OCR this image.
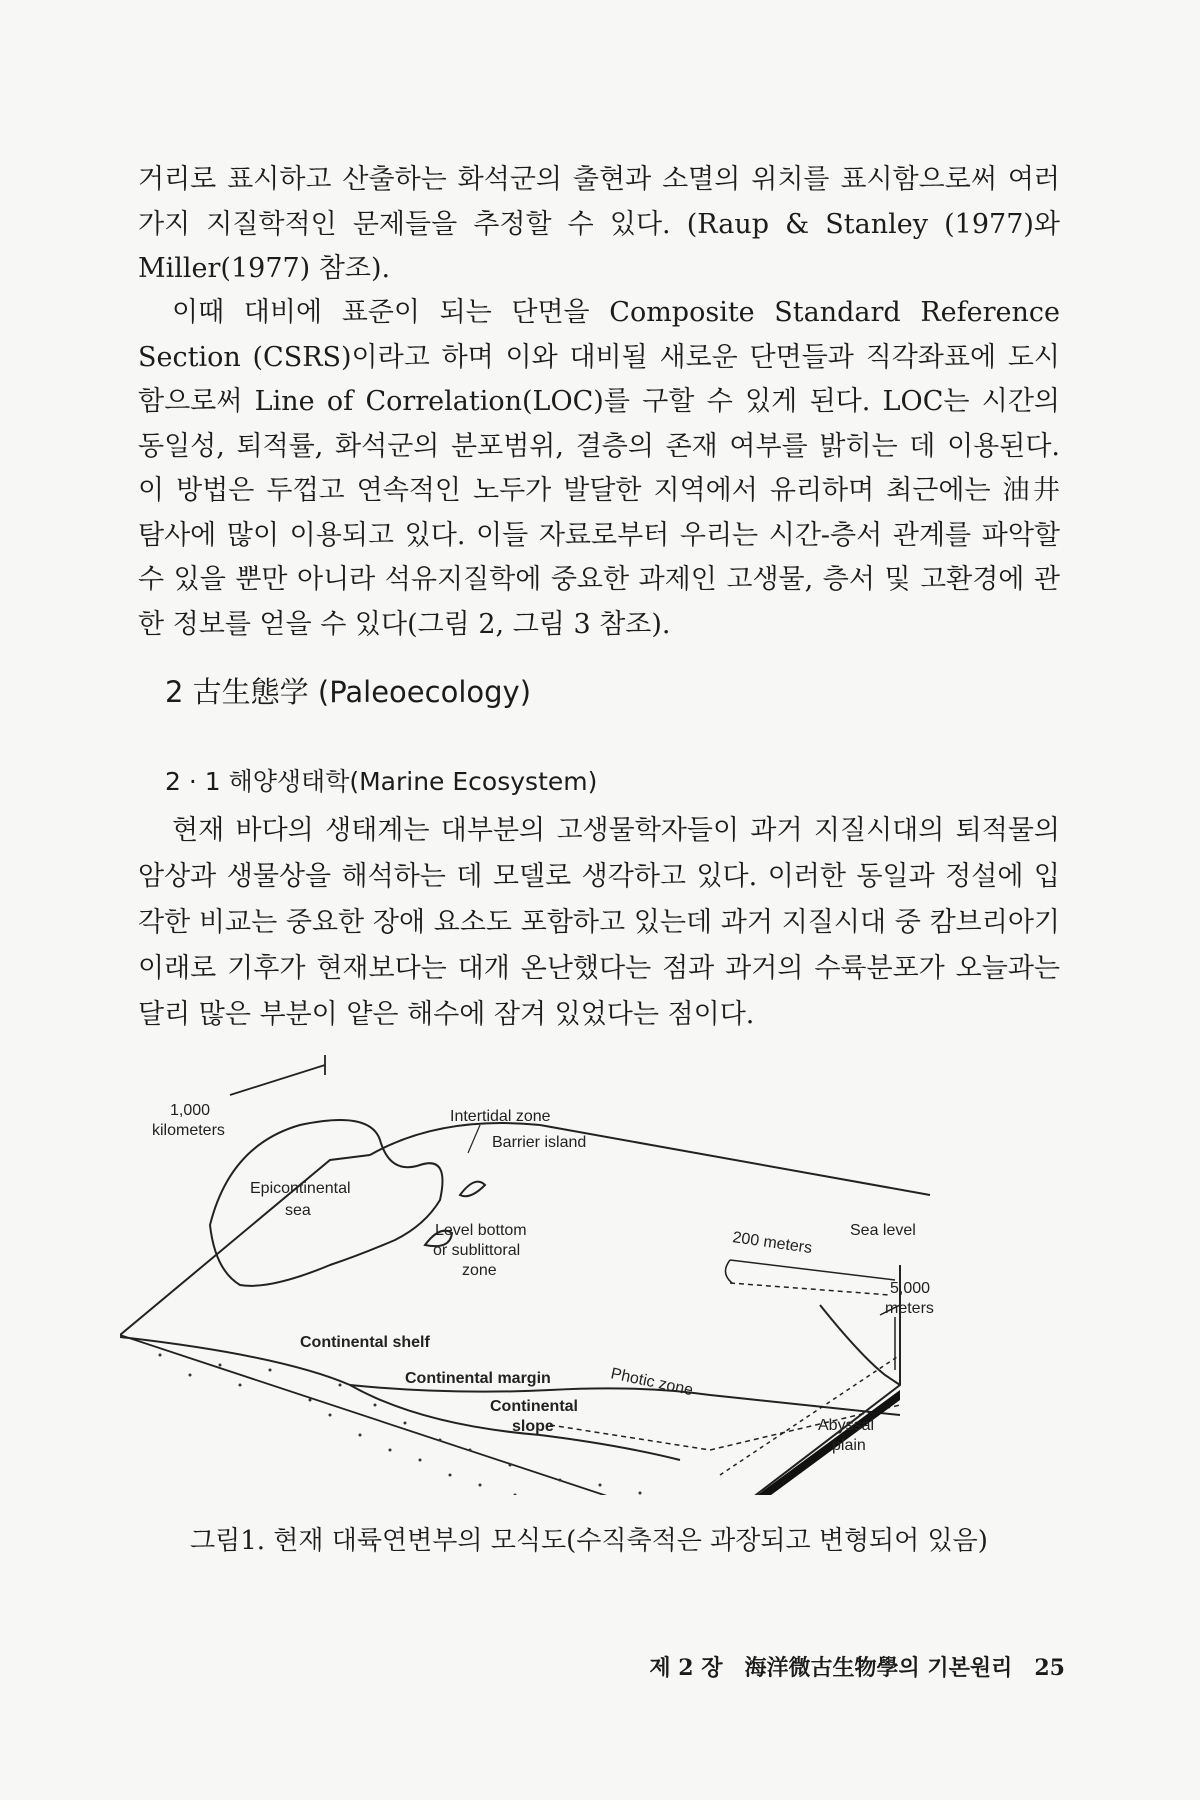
거리로 표시하고 산출하는 화석군의 출현과 소멸의 위치를 표시함으로써 여러 가지 지질학적인 문제들을 추정할 수 있다. (Raup & Stanley (1977)와 Miller(1977) 참조).

이때 대비에 표준이 되는 단면을 Composite Standard Reference Section (CSRS)이라고 하며 이와 대비될 새로운 단면들과 직각좌표에 도시함으로써 Line of Correlation(LOC)를 구할 수 있게 된다. LOC는 시간의 동일성, 퇴적률, 화석군의 분포범위, 결층의 존재 여부를 밝히는 데 이용된다. 이 방법은 두껍고 연속적인 노두가 발달한 지역에서 유리하며 최근에는 油井 탐사에 많이 이용되고 있다. 이들 자료로부터 우리는 시간-층서 관계를 파악할 수 있을 뿐만 아니라 석유지질학에 중요한 과제인 고생물, 층서 및 고환경에 관한 정보를 얻을 수 있다(그림 2, 그림 3 참조).

2 古生態学 (Paleoecology)
2 · 1 해양생태학(Marine Ecosystem)

현재 바다의 생태계는 대부분의 고생물학자들이 과거 지질시대의 퇴적물의 암상과 생물상을 해석하는 데 모델로 생각하고 있다. 이러한 동일과 정설에 입각한 비교는 중요한 장애 요소도 포함하고 있는데 과거 지질시대 중 캄브리아기 이래로 기후가 현재보다는 대개 온난했다는 점과 과거의 수륙분포가 오늘과는 달리 많은 부분이 얕은 해수에 잠겨 있었다는 점이다.

1,000
kilometers
Intertidal zone
Barrier island
Epicontinental
sea
Level bottom
or sublittoral
zone
200 meters Sea level
5,000
meters
Continental shelf
Continental margin
Continental
slope
Photic zone
Abyssal
plain

그림1. 현재 대륙연변부의 모식도(수직축적은 과장되고 변형되어 있음)

제 2 장 海洋微古生物學의 기본원리 25
